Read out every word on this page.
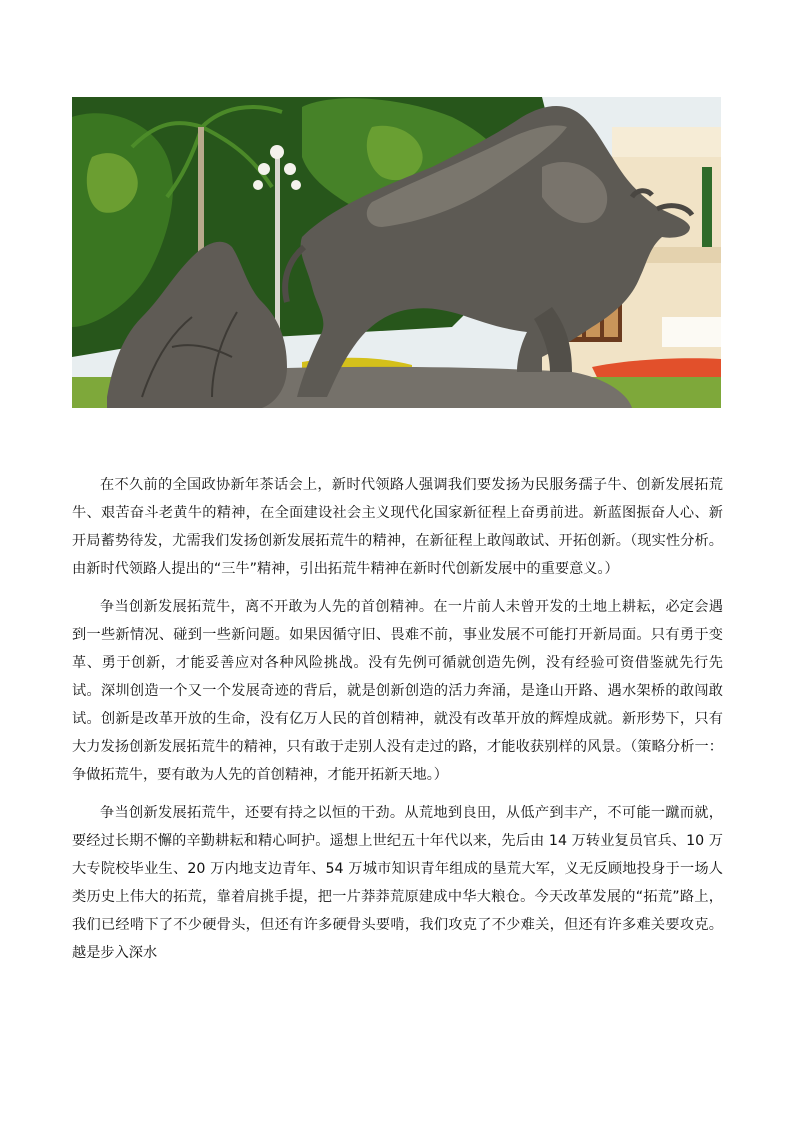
在不久前的全国政协新年茶话会上，新时代领路人强调我们要发扬为民服务孺子牛、创新发展拓荒牛、艰苦奋斗老黄牛的精神，在全面建设社会主义现代化国家新征程上奋勇前进。新蓝图振奋人心、新开局蓄势待发，尤需我们发扬创新发展拓荒牛的精神，在新征程上敢闯敢试、开拓创新。（现实性分析。由新时代领路人提出的“三牛”精神，引出拓荒牛精神在新时代创新发展中的重要意义。）

争当创新发展拓荒牛，离不开敢为人先的首创精神。在一片前人未曾开发的土地上耕耘，必定会遇到一些新情况、碰到一些新问题。如果因循守旧、畏难不前，事业发展不可能打开新局面。只有勇于变革、勇于创新，才能妥善应对各种风险挑战。没有先例可循就创造先例，没有经验可资借鉴就先行先试。深圳创造一个又一个发展奇迹的背后，就是创新创造的活力奔涌，是逢山开路、遇水架桥的敢闯敢试。创新是改革开放的生命，没有亿万人民的首创精神，就没有改革开放的辉煌成就。新形势下，只有大力发扬创新发展拓荒牛的精神，只有敢于走别人没有走过的路，才能收获别样的风景。（策略分析一：争做拓荒牛，要有敢为人先的首创精神，才能开拓新天地。）

争当创新发展拓荒牛，还要有持之以恒的干劲。从荒地到良田，从低产到丰产，不可能一蹴而就，要经过长期不懈的辛勤耕耘和精心呵护。遥想上世纪五十年代以来，先后由 14 万转业复员官兵、10 万大专院校毕业生、20 万内地支边青年、54 万城市知识青年组成的垦荒大军，义无反顾地投身于一场人类历史上伟大的拓荒，靠着肩挑手提，把一片莽莽荒原建成中华大粮仓。今天改革发展的“拓荒”路上，我们已经啃下了不少硬骨头，但还有许多硬骨头要啃，我们攻克了不少难关，但还有许多难关要攻克。越是步入深水
